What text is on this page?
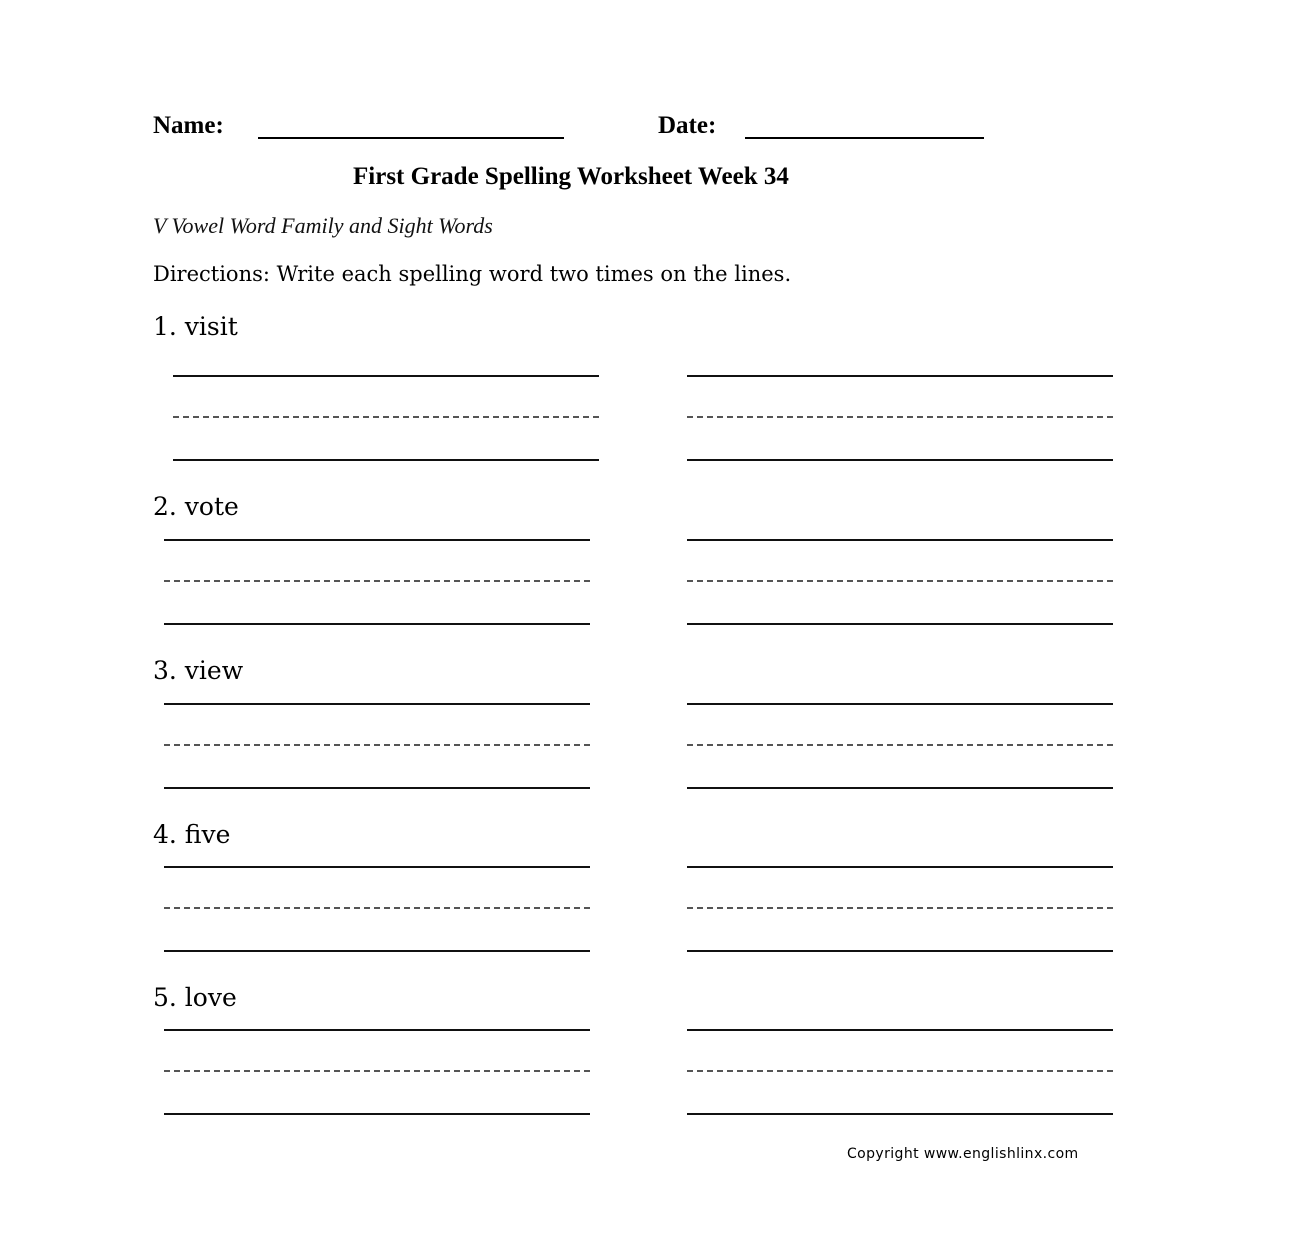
Name:	Date:
First Grade Spelling Worksheet Week 34
V Vowel Word Family and Sight Words
Directions: Write each spelling word two times on the lines.
1. visit
2. vote
3. view
4. five
5. love
Copyright www.englishlinx.com
